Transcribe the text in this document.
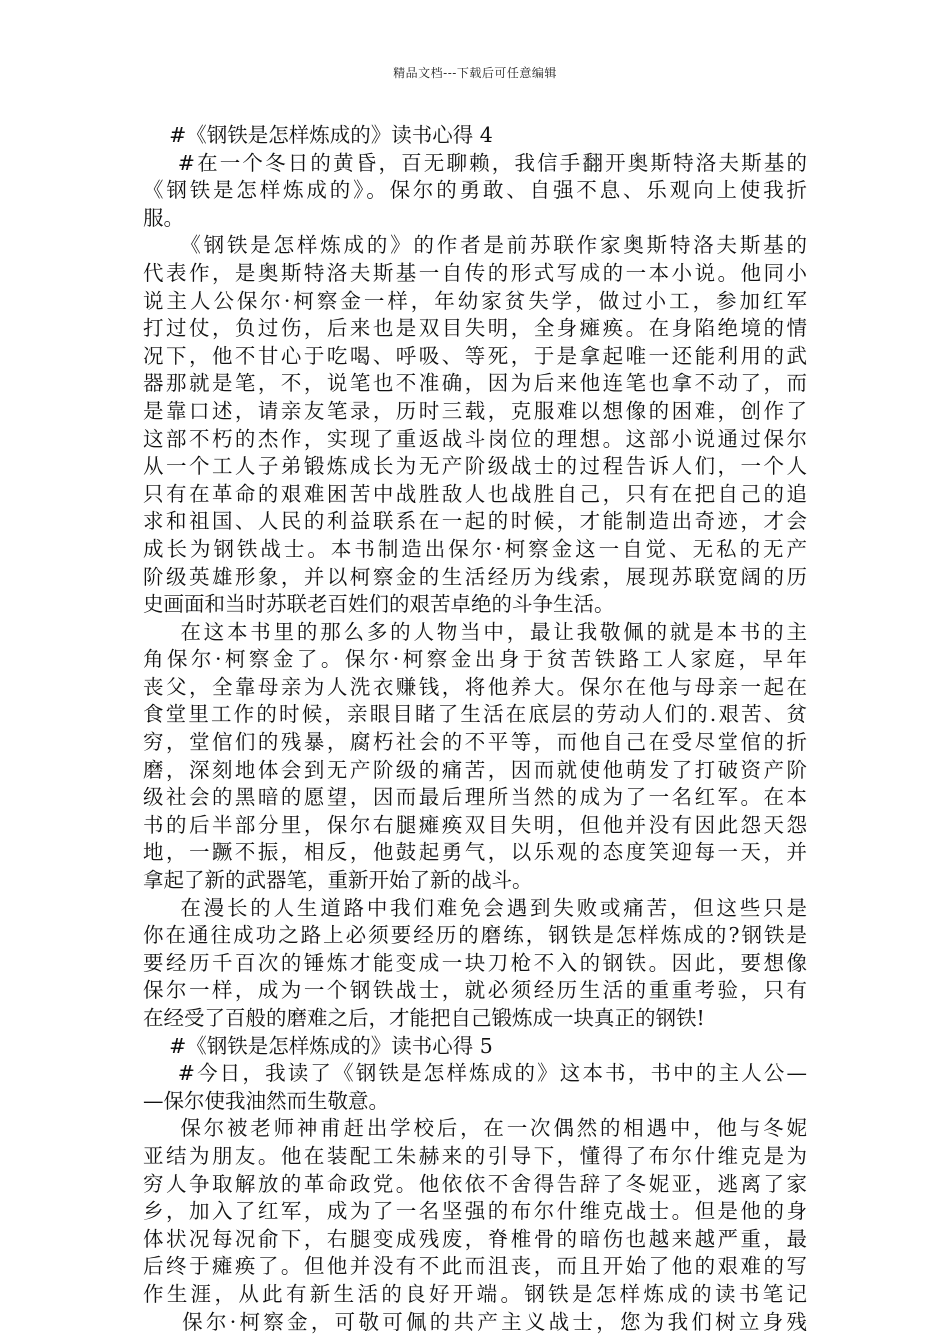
精品文档---下载后可任意编辑
#《钢铁是怎样炼成的》读书心得 4
#在一个冬日的黄昏，百无聊赖，我信手翻开奥斯特洛夫斯基的
《钢铁是怎样炼成的》。保尔的勇敢、自强不息、乐观向上使我折
服。
《钢铁是怎样炼成的》的作者是前苏联作家奥斯特洛夫斯基的
代表作，是奥斯特洛夫斯基一自传的形式写成的一本小说。他同小
说主人公保尔·柯察金一样，年幼家贫失学，做过小工，参加红军
打过仗，负过伤，后来也是双目失明，全身瘫痪。在身陷绝境的情
况下，他不甘心于吃喝、呼吸、等死，于是拿起唯一还能利用的武
器那就是笔，不，说笔也不准确，因为后来他连笔也拿不动了，而
是靠口述，请亲友笔录，历时三载，克服难以想像的困难，创作了
这部不朽的杰作，实现了重返战斗岗位的理想。这部小说通过保尔
从一个工人子弟锻炼成长为无产阶级战士的过程告诉人们，一个人
只有在革命的艰难困苦中战胜敌人也战胜自己，只有在把自己的追
求和祖国、人民的利益联系在一起的时候，才能制造出奇迹，才会
成长为钢铁战士。本书制造出保尔·柯察金这一自觉、无私的无产
阶级英雄形象，并以柯察金的生活经历为线索，展现苏联宽阔的历
史画面和当时苏联老百姓们的艰苦卓绝的斗争生活。
在这本书里的那么多的人物当中，最让我敬佩的就是本书的主
角保尔·柯察金了。保尔·柯察金出身于贫苦铁路工人家庭，早年
丧父，全靠母亲为人洗衣赚钱，将他养大。保尔在他与母亲一起在
食堂里工作的时候，亲眼目睹了生活在底层的劳动人们的.艰苦、贫
穷，堂倌们的残暴，腐朽社会的不平等，而他自己在受尽堂倌的折
磨，深刻地体会到无产阶级的痛苦，因而就使他萌发了打破资产阶
级社会的黑暗的愿望，因而最后理所当然的成为了一名红军。在本
书的后半部分里，保尔右腿瘫痪双目失明，但他并没有因此怨天怨
地，一蹶不振，相反，他鼓起勇气，以乐观的态度笑迎每一天，并
拿起了新的武器笔，重新开始了新的战斗。
在漫长的人生道路中我们难免会遇到失败或痛苦，但这些只是
你在通往成功之路上必须要经历的磨练，钢铁是怎样炼成的?钢铁是
要经历千百次的锤炼才能变成一块刀枪不入的钢铁。因此，要想像
保尔一样，成为一个钢铁战士，就必须经历生活的重重考验，只有
在经受了百般的磨难之后，才能把自己锻炼成一块真正的钢铁!
#《钢铁是怎样炼成的》读书心得 5
#今日，我读了《钢铁是怎样炼成的》这本书，书中的主人公—
—保尔使我油然而生敬意。
保尔被老师神甫赶出学校后，在一次偶然的相遇中，他与冬妮
亚结为朋友。他在装配工朱赫来的引导下，懂得了布尔什维克是为
穷人争取解放的革命政党。他依依不舍得告辞了冬妮亚，逃离了家
乡，加入了红军，成为了一名坚强的布尔什维克战士。但是他的身
体状况每况俞下，右腿变成残废，脊椎骨的暗伤也越来越严重，最
后终于瘫痪了。但他并没有不此而沮丧，而且开始了他的艰难的写
作生涯，从此有新生活的良好开端。钢铁是怎样炼成的读书笔记
保尔·柯察金，可敬可佩的共产主义战士，您为我们树立身残
